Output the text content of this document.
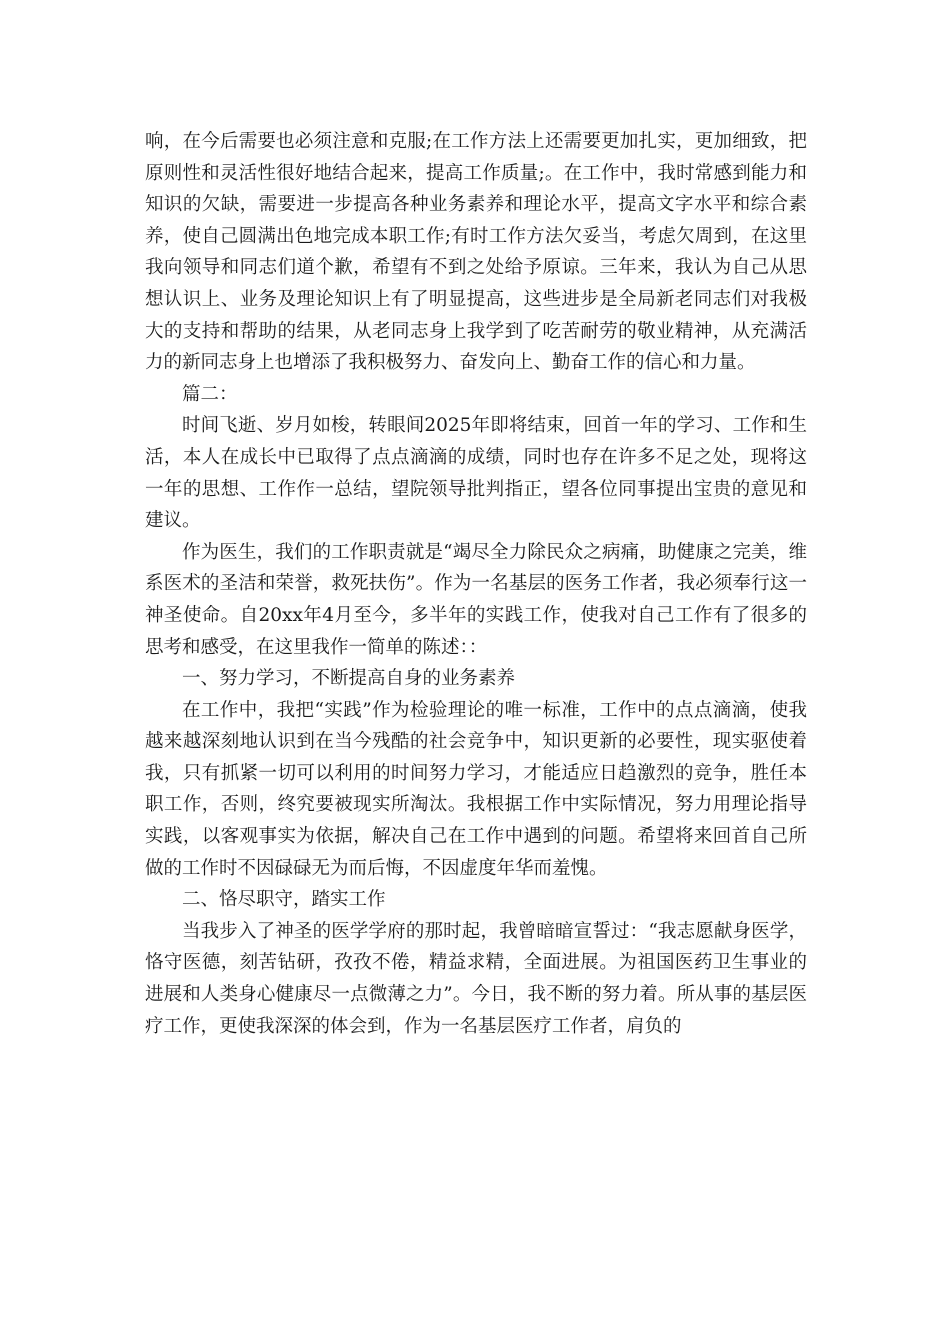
响，在今后需要也必须注意和克服;在工作方法上还需要更加扎实，更加细致，把原则性和灵活性很好地结合起来，提高工作质量;。在工作中，我时常感到能力和知识的欠缺，需要进一步提高各种业务素养和理论水平，提高文字水平和综合素养，使自己圆满出色地完成本职工作;有时工作方法欠妥当，考虑欠周到，在这里我向领导和同志们道个歉，希望有不到之处给予原谅。三年来，我认为自己从思想认识上、业务及理论知识上有了明显提高，这些进步是全局新老同志们对我极大的支持和帮助的结果，从老同志身上我学到了吃苦耐劳的敬业精神，从充满活力的新同志身上也增添了我积极努力、奋发向上、勤奋工作的信心和力量。

篇二：

时间飞逝、岁月如梭，转眼间2025年即将结束，回首一年的学习、工作和生活，本人在成长中已取得了点点滴滴的成绩，同时也存在许多不足之处，现将这一年的思想、工作作一总结，望院领导批判指正，望各位同事提出宝贵的意见和建议。

作为医生，我们的工作职责就是“竭尽全力除民众之病痛，助健康之完美，维系医术的圣洁和荣誉，救死扶伤”。作为一名基层的医务工作者，我必须奉行这一神圣使命。自20xx年4月至今，多半年的实践工作，使我对自己工作有了很多的思考和感受，在这里我作一简单的陈述：：

一、努力学习，不断提高自身的业务素养

在工作中，我把“实践”作为检验理论的唯一标准，工作中的点点滴滴，使我越来越深刻地认识到在当今残酷的社会竞争中，知识更新的必要性，现实驱使着我，只有抓紧一切可以利用的时间努力学习，才能适应日趋激烈的竞争，胜任本职工作，否则，终究要被现实所淘汰。我根据工作中实际情况，努力用理论指导实践，以客观事实为依据，解决自己在工作中遇到的问题。希望将来回首自己所做的工作时不因碌碌无为而后悔，不因虚度年华而羞愧。

二、恪尽职守，踏实工作

当我步入了神圣的医学学府的那时起，我曾暗暗宣誓过：“我志愿献身医学，恪守医德，刻苦钻研，孜孜不倦，精益求精，全面进展。为祖国医药卫生事业的进展和人类身心健康尽一点微薄之力”。今日，我不断的努力着。所从事的基层医疗工作，更使我深深的体会到，作为一名基层医疗工作者，肩负的
